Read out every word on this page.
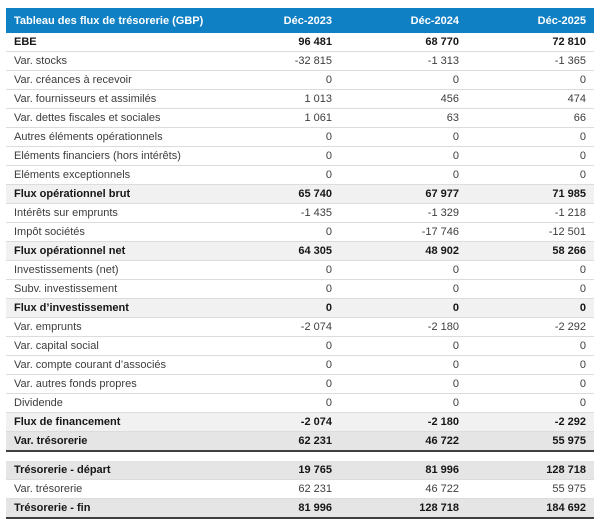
Tableau des flux de trésorerie (GBP)	Déc-2023	Déc-2024	Déc-2025
EBE	96 481	68 770	72 810
Var. stocks	-32 815	-1 313	-1 365
Var. créances à recevoir	0	0	0
Var. fournisseurs et assimilés	1 013	456	474
Var. dettes fiscales et sociales	1 061	63	66
Autres éléments opérationnels	0	0	0
Eléments financiers (hors intérêts)	0	0	0
Eléments exceptionnels	0	0	0
Flux opérationnel brut	65 740	67 977	71 985
Intérêts sur emprunts	-1 435	-1 329	-1 218
Impôt sociétés	0	-17 746	-12 501
Flux opérationnel net	64 305	48 902	58 266
Investissements (net)	0	0	0
Subv. investissement	0	0	0
Flux d’investissement	0	0	0
Var. emprunts	-2 074	-2 180	-2 292
Var. capital social	0	0	0
Var. compte courant d’associés	0	0	0
Var. autres fonds propres	0	0	0
Dividende	0	0	0
Flux de financement	-2 074	-2 180	-2 292
Var. trésorerie	62 231	46 722	55 975

Trésorerie - départ	19 765	81 996	128 718
Var. trésorerie	62 231	46 722	55 975
Trésorerie - fin	81 996	128 718	184 692
